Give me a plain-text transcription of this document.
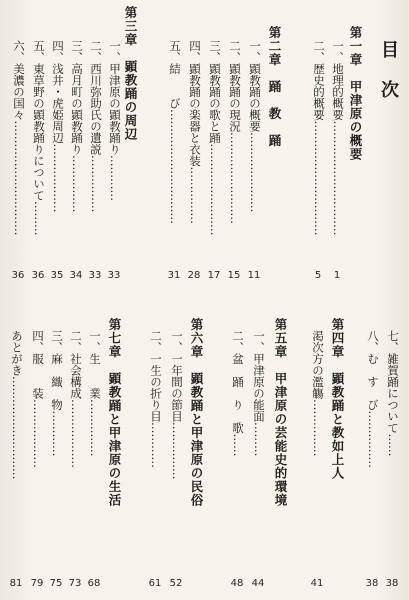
目　次
第一章　甲津原の概要
一、地理的概要…………………………
1
二、歴史的概要…………………………
5
第二章　踊　教　踊
一、顕教踊の概要…………………
11
二、顕教踊の現況……………………
15
三、顕教踊の歌と踊……………………
17
四、顕教踊の楽器と衣装……………
28
五、結　　び…………………………
31
第三章　顕教踊の周辺
一、甲津原の顕教踊り…………
33
二、西川弥助氏の遺説……………
33
三、高月町の顕教踊り……………
34
四、浅井・虎姫周辺………………
35
五、東草野の顕教踊りについて………
36
六、美濃の国々…………………………
36
七、雑賀踊について……
38
八、む　す　び……………
38
第四章　顕教踊と教如上人
渇次方の濫觴……………
41
第五章　甲津原の芸能史的環境
一、甲津原の能面………
44
二、盆　踊　り　歌……
48
第六章　顕教踊と甲津原の民俗
一、一年間の節目……………
52
二、一生の折り目…………
61
第七章　顕教踊と甲津原の生活
一、生　　業……………
68
二、社会構成………………
73
三、麻　織　物…………
75
四、服　　装………………
79
あとがき………………………
81
